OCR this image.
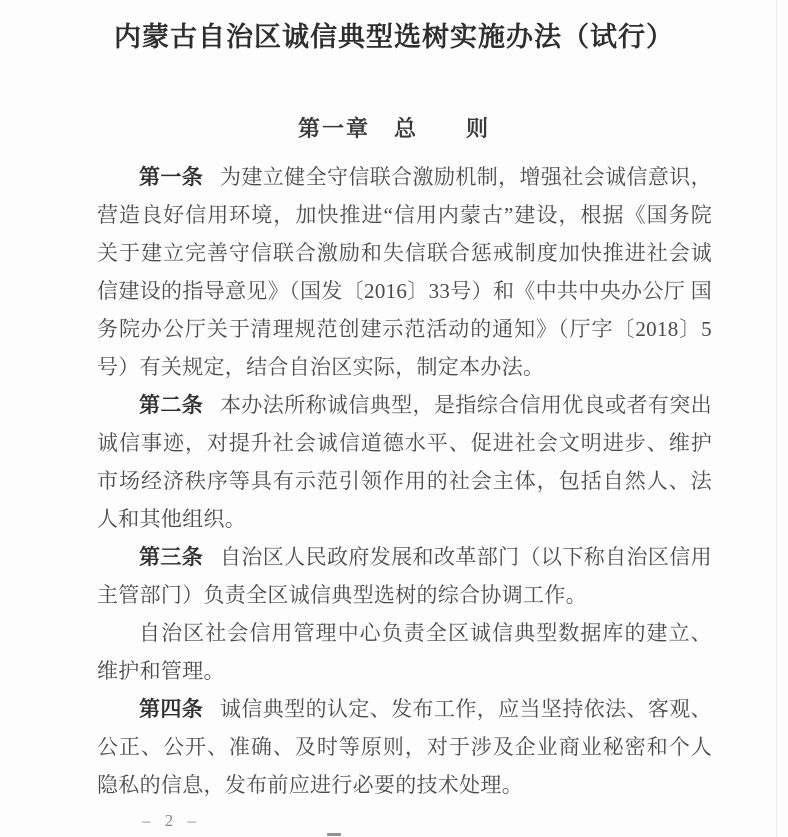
内蒙古自治区诚信典型选树实施办法（试行）
第一章　总　　则

第一条 为建立健全守信联合激励机制，增强社会诚信意识，营造良好信用环境，加快推进“信用内蒙古”建设，根据《国务院关于建立完善守信联合激励和失信联合惩戒制度加快推进社会诚信建设的指导意见》（国发〔2016〕33号）和《中共中央办公厅 国务院办公厅关于清理规范创建示范活动的通知》（厅字〔2018〕5号）有关规定，结合自治区实际，制定本办法。

第二条 本办法所称诚信典型，是指综合信用优良或者有突出诚信事迹，对提升社会诚信道德水平、促进社会文明进步、维护市场经济秩序等具有示范引领作用的社会主体，包括自然人、法人和其他组织。

第三条 自治区人民政府发展和改革部门（以下称自治区信用主管部门）负责全区诚信典型选树的综合协调工作。

自治区社会信用管理中心负责全区诚信典型数据库的建立、维护和管理。

第四条 诚信典型的认定、发布工作，应当坚持依法、客观、公正、公开、准确、及时等原则，对于涉及企业商业秘密和个人隐私的信息，发布前应进行必要的技术处理。

– 2 –
